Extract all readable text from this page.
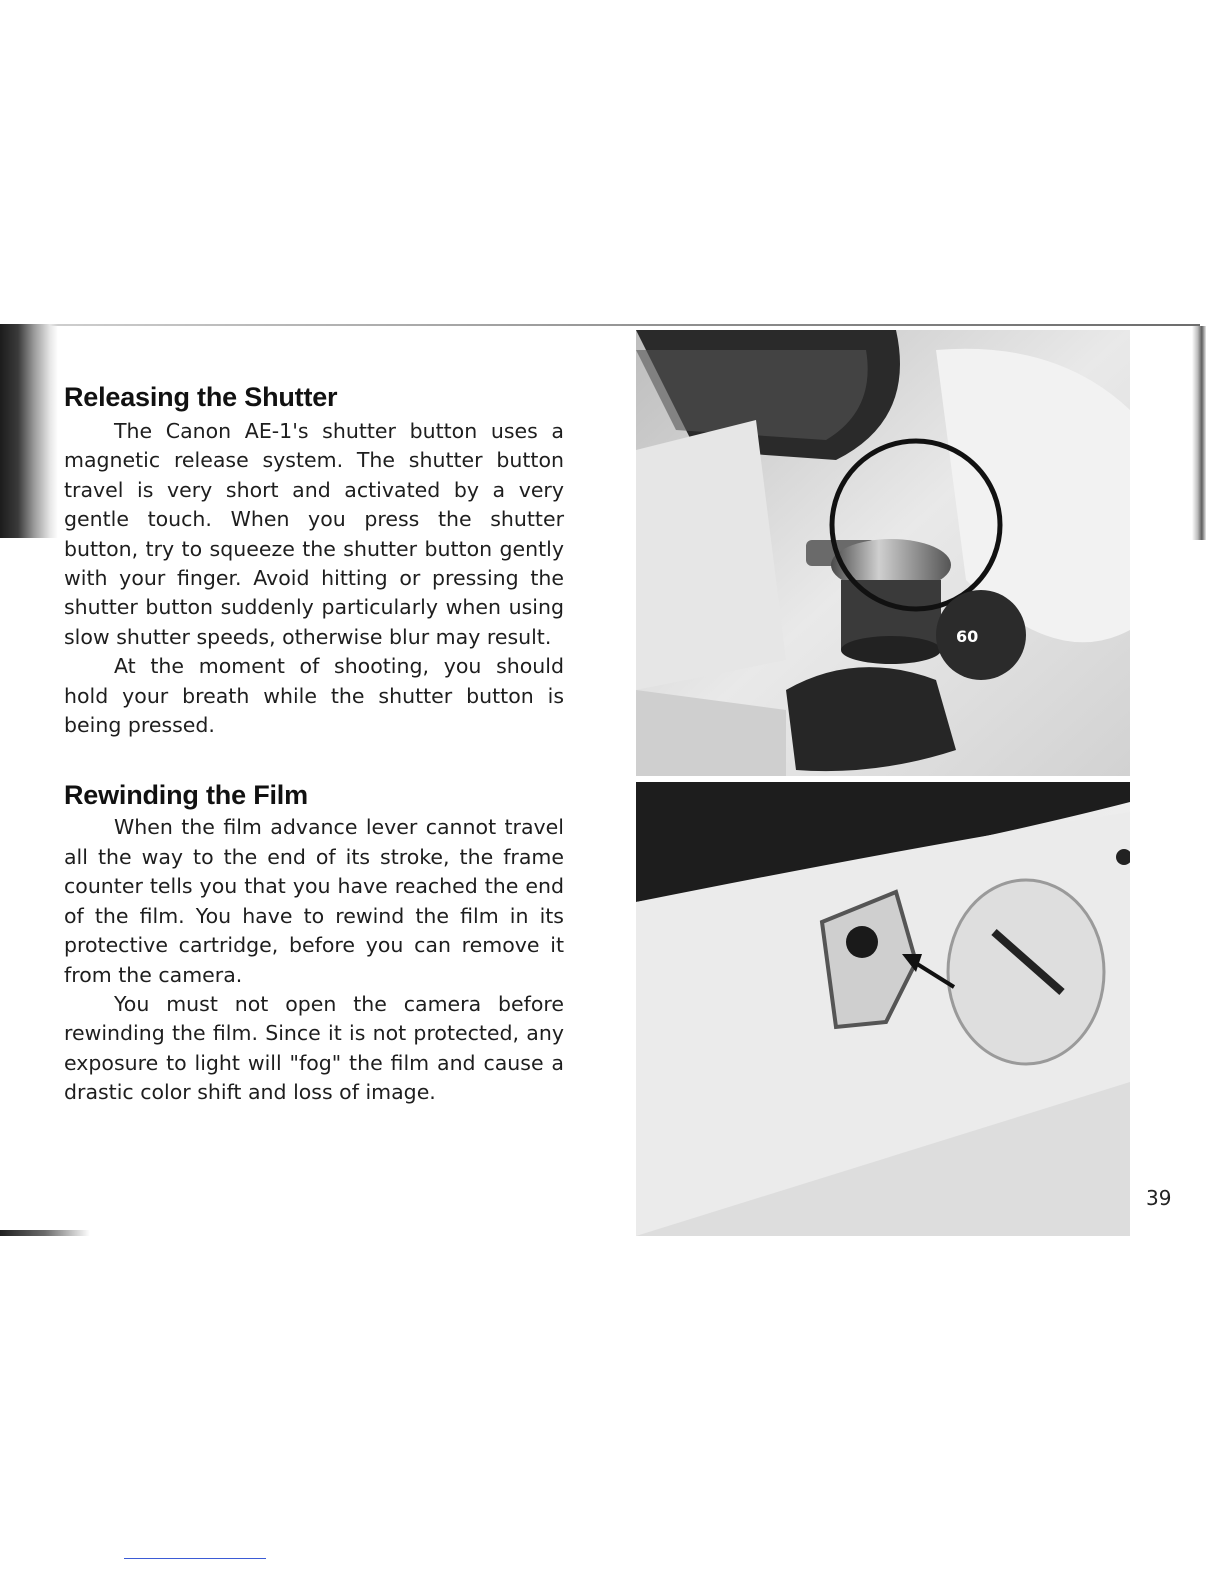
Releasing the Shutter

The Canon AE-1's shutter button uses a magnetic release system. The shutter button travel is very short and activated by a very gentle touch. When you press the shutter button, try to squeeze the shutter button gently with your finger. Avoid hitting or pressing the shutter button suddenly particularly when using slow shutter speeds, otherwise blur may result.

At the moment of shooting, you should hold your breath while the shutter button is being pressed.

Rewinding the Film

When the film advance lever cannot travel all the way to the end of its stroke, the frame counter tells you that you have reached the end of the film. You have to rewind the film in its protective cartridge, before you can remove it from the camera.

You must not open the camera before rewinding the film. Since it is not protected, any exposure to light will "fog" the film and cause a drastic color shift and loss of image.

60
39
